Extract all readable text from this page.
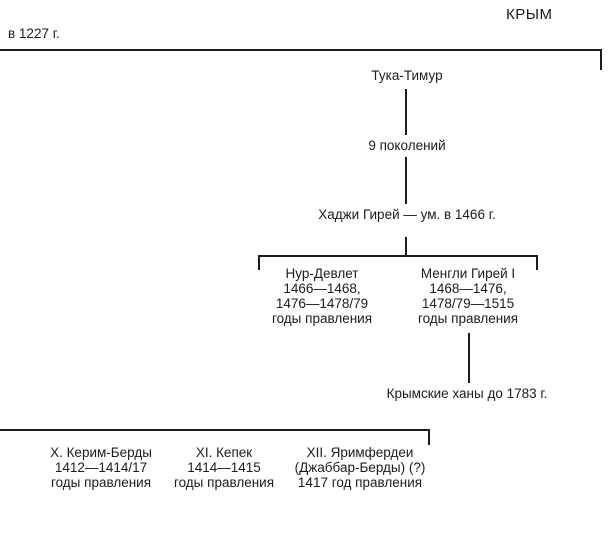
КРЫМ
в 1227 г.
Тука-Тимур
9 поколений
Хаджи Гирей — ум. в 1466 г.
Нур-Девлет
1466—1468,
1476—1478/79
годы правления
Менгли Гирей I
1468—1476,
1478/79—1515
годы правления
Крымские ханы до 1783 г.
X. Керим-Берды
1412—1414/17
годы правления
XI. Кепек
1414—1415
годы правления
XII. Яримфердеи
(Джаббар-Берды) (?)
1417 год правления
